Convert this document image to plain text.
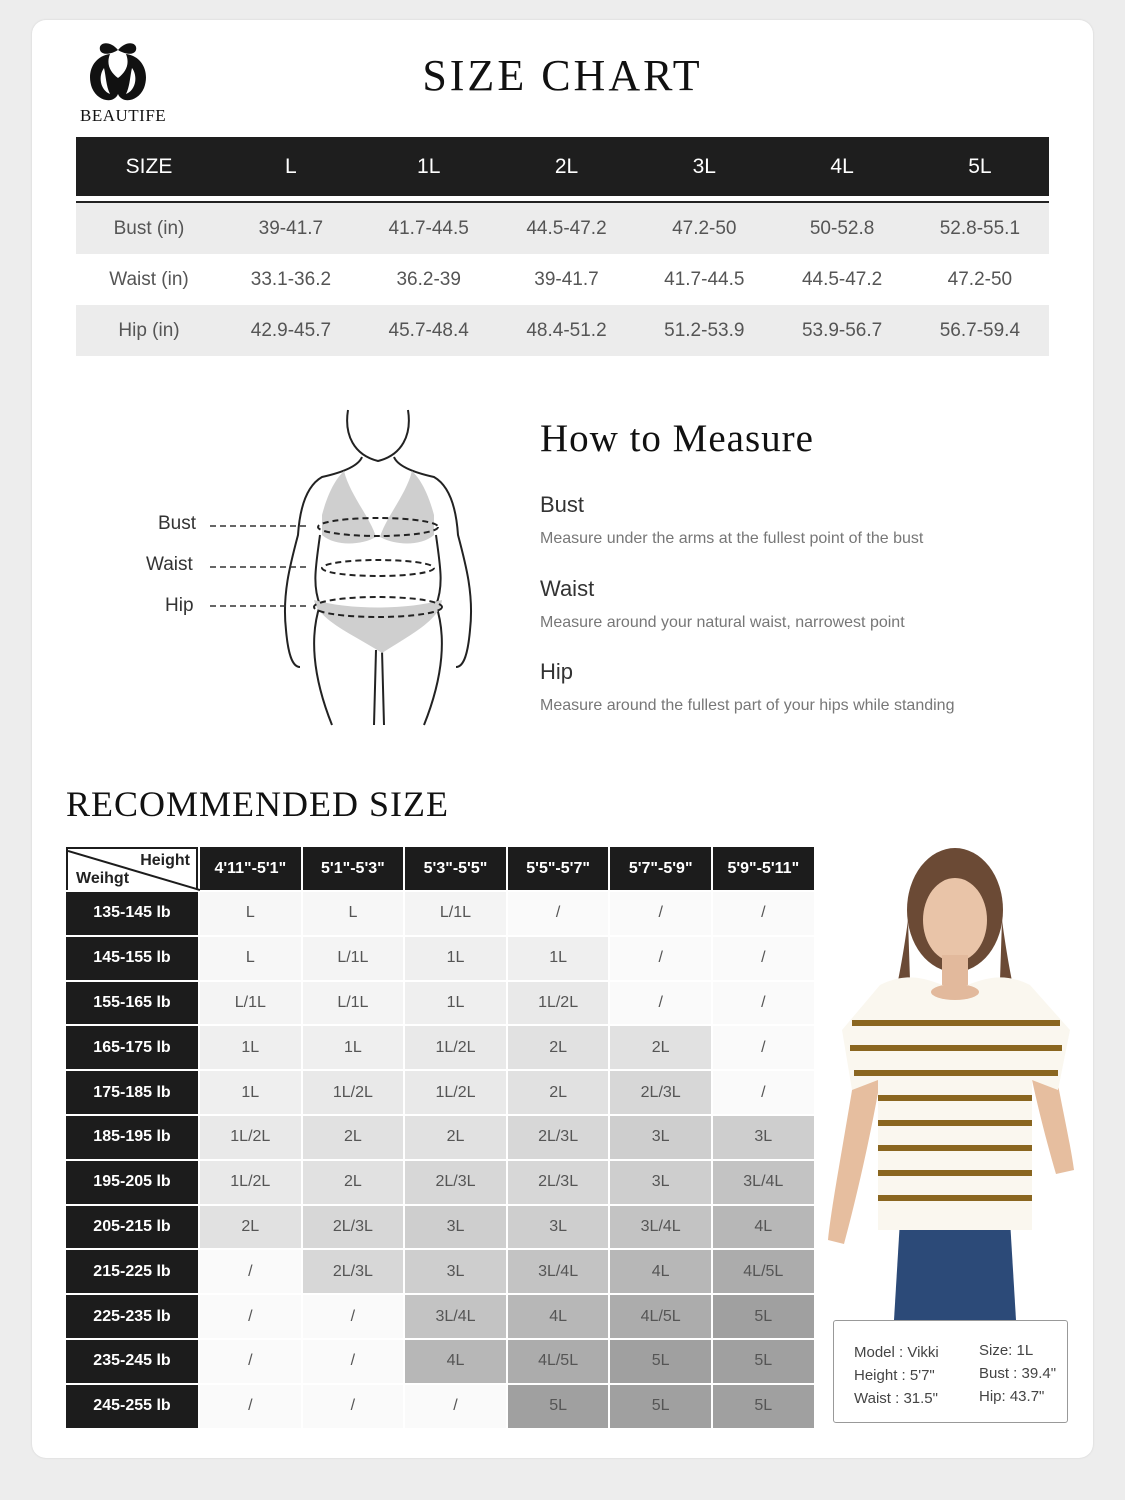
BEAUTIFE
SIZE CHART
SIZE	L	1L	2L	3L	4L	5L
Bust (in)	39-41.7	41.7-44.5	44.5-47.2	47.2-50	50-52.8	52.8-55.1
Waist (in)	33.1-36.2	36.2-39	39-41.7	41.7-44.5	44.5-47.2	47.2-50
Hip (in)	42.9-45.7	45.7-48.4	48.4-51.2	51.2-53.9	53.9-56.7	56.7-59.4
Bust
Waist
Hip
How to Measure
Bust
Measure under the arms at the fullest point of the bust
Waist
Measure around your natural waist, narrowest point
Hip
Measure around the fullest part of your hips while standing
RECOMMENDED SIZE
Height
Weihgt
4'11"-5'1"	5'1"-5'3"	5'3"-5'5"	5'5"-5'7"	5'7"-5'9"	5'9"-5'11"
135-145 lb	L	L	L/1L	/	/	/
145-155 lb	L	L/1L	1L	1L	/	/
155-165 lb	L/1L	L/1L	1L	1L/2L	/	/
165-175 lb	1L	1L	1L/2L	2L	2L	/
175-185 lb	1L	1L/2L	1L/2L	2L	2L/3L	/
185-195 lb	1L/2L	2L	2L	2L/3L	3L	3L
195-205 lb	1L/2L	2L	2L/3L	2L/3L	3L	3L/4L
205-215 lb	2L	2L/3L	3L	3L	3L/4L	4L
215-225 lb	/	2L/3L	3L	3L/4L	4L	4L/5L
225-235 lb	/	/	3L/4L	4L	4L/5L	5L
235-245 lb	/	/	4L	4L/5L	5L	5L
245-255 lb	/	/	/	5L	5L	5L
Model : Vikki
Height : 5'7"
Waist : 31.5"
Size: 1L
Bust : 39.4"
Hip: 43.7"
